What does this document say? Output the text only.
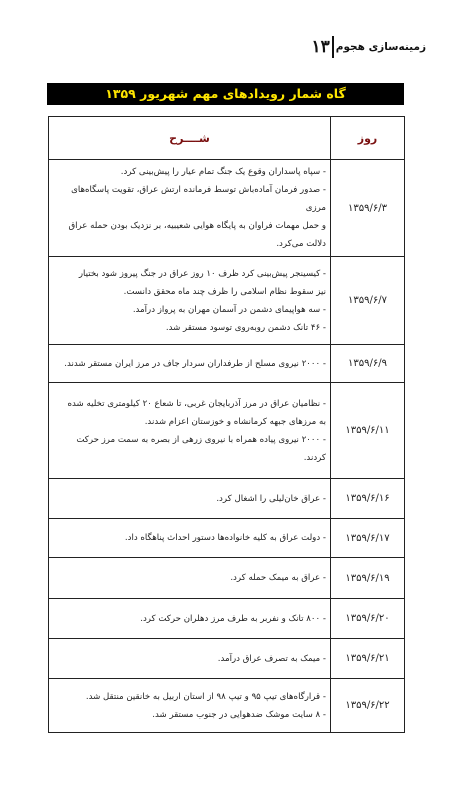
زمینه‌سازی هجوم
۱۳
گاه شمار رویدادهای مهم شهریور ۱۳۵۹
روز	شــــرح
۱۳۵۹/۶/۳	- سپاه پاسداران وقوع یک جنگ تمام عیار را پیش‌بینی کرد.
- صدور فرمان آماده‌باش توسط فرمانده ارتش عراق، تقویت پاسگاه‌های مرزی
و حمل مهمات فراوان به پایگاه هوایی شعیبیه، بر نزدیک بودن حمله عراق
دلالت می‌کرد.

۱۳۵۹/۶/۷	- کیسینجر پیش‌بینی کرد ظرف ۱۰ روز عراق در جنگ پیروز شود بختیار
نیز سقوط نظام اسلامی را ظرف چند ماه محقق دانست.
- سه هواپیمای دشمن در آسمان مهران به پرواز درآمد.
- ۴۶ تانک دشمن روبه‌روی توسود مستقر شد.

۱۳۵۹/۶/۹	- ۲۰۰۰ نیروی مسلح از طرفداران سردار جاف در مرز ایران مستقر شدند.

۱۳۵۹/۶/۱۱	- نظامیان عراق در مرز آذربایجان غربی، تا شعاع ۲۰ کیلومتری تخلیه شده
به مرزهای جبهه کرمانشاه و خوزستان اعزام شدند.
- ۲۰۰۰ نیروی پیاده همراه با نیروی زرهی از بصره به سمت مرز حرکت
کردند.

۱۳۵۹/۶/۱۶	- عراق خان‌لیلی را اشغال کرد.

۱۳۵۹/۶/۱۷	- دولت عراق به کلیه خانواده‌ها دستور احداث پناهگاه داد.

۱۳۵۹/۶/۱۹	- عراق به میمک حمله کرد.

۱۳۵۹/۶/۲۰	- ۸۰۰ تانک و نفربر به طرف مرز دهلران حرکت کرد.

۱۳۵۹/۶/۲۱	- میمک به تصرف عراق درآمد.

۱۳۵۹/۶/۲۲	- قرارگاه‌های تیپ ۹۵ و تیپ ۹۸ از استان اربیل به خانقین منتقل شد.
- ۸ سایت موشک ضدهوایی در جنوب مستقر شد.
